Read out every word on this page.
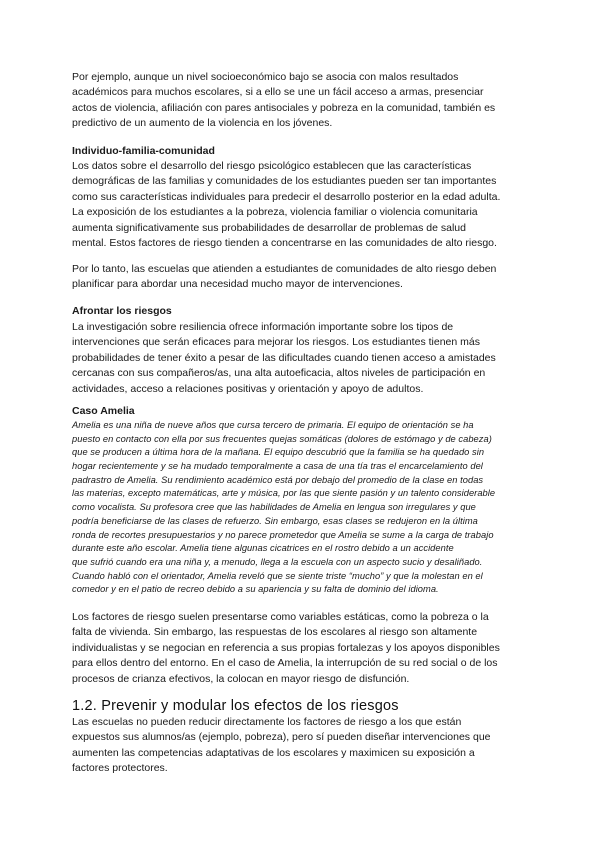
Por ejemplo, aunque un nivel socioeconómico bajo se asocia con malos resultados
académicos para muchos escolares, si a ello se une un fácil acceso a armas, presenciar
actos de violencia, afiliación con pares antisociales y pobreza en la comunidad, también es
predictivo de un aumento de la violencia en los jóvenes.
Individuo-familia-comunidad
Los datos sobre el desarrollo del riesgo psicológico establecen que las características
demográficas de las familias y comunidades de los estudiantes pueden ser tan importantes
como sus características individuales para predecir el desarrollo posterior en la edad adulta.
La exposición de los estudiantes a la pobreza, violencia familiar o violencia comunitaria
aumenta significativamente sus probabilidades de desarrollar de problemas de salud
mental. Estos factores de riesgo tienden a concentrarse en las comunidades de alto riesgo.
Por lo tanto, las escuelas que atienden a estudiantes de comunidades de alto riesgo deben
planificar para abordar una necesidad mucho mayor de intervenciones.
Afrontar los riesgos
La investigación sobre resiliencia ofrece información importante sobre los tipos de
intervenciones que serán eficaces para mejorar los riesgos. Los estudiantes tienen más
probabilidades de tener éxito a pesar de las dificultades cuando tienen acceso a amistades
cercanas con sus compañeros/as, una alta autoeficacia, altos niveles de participación en
actividades, acceso a relaciones positivas y orientación y apoyo de adultos.
Caso Amelia
Amelia es una niña de nueve años que cursa tercero de primaria. El equipo de orientación se ha
puesto en contacto con ella por sus frecuentes quejas somáticas (dolores de estómago y de cabeza)
que se producen a última hora de la mañana. El equipo descubrió que la familia se ha quedado sin
hogar recientemente y se ha mudado temporalmente a casa de una tía tras el encarcelamiento del
padrastro de Amelia. Su rendimiento académico está por debajo del promedio de la clase en todas
las materias, excepto matemáticas, arte y música, por las que siente pasión y un talento considerable
como vocalista. Su profesora cree que las habilidades de Amelia en lengua son irregulares y que
podría beneficiarse de las clases de refuerzo. Sin embargo, esas clases se redujeron en la última
ronda de recortes presupuestarios y no parece prometedor que Amelia se sume a la carga de trabajo
durante este año escolar. Amelia tiene algunas cicatrices en el rostro debido a un accidente
que sufrió cuando era una niña y, a menudo, llega a la escuela con un aspecto sucio y desaliñado.
Cuando habló con el orientador, Amelia reveló que se siente triste “mucho” y que la molestan en el
comedor y en el patio de recreo debido a su apariencia y su falta de dominio del idioma.
Los factores de riesgo suelen presentarse como variables estáticas, como la pobreza o la
falta de vivienda. Sin embargo, las respuestas de los escolares al riesgo son altamente
individualistas y se negocian en referencia a sus propias fortalezas y los apoyos disponibles
para ellos dentro del entorno. En el caso de Amelia, la interrupción de su red social o de los
procesos de crianza efectivos, la colocan en mayor riesgo de disfunción.
1.2. Prevenir y modular los efectos de los riesgos
Las escuelas no pueden reducir directamente los factores de riesgo a los que están
expuestos sus alumnos/as (ejemplo, pobreza), pero sí pueden diseñar intervenciones que
aumenten las competencias adaptativas de los escolares y maximicen su exposición a
factores protectores.
